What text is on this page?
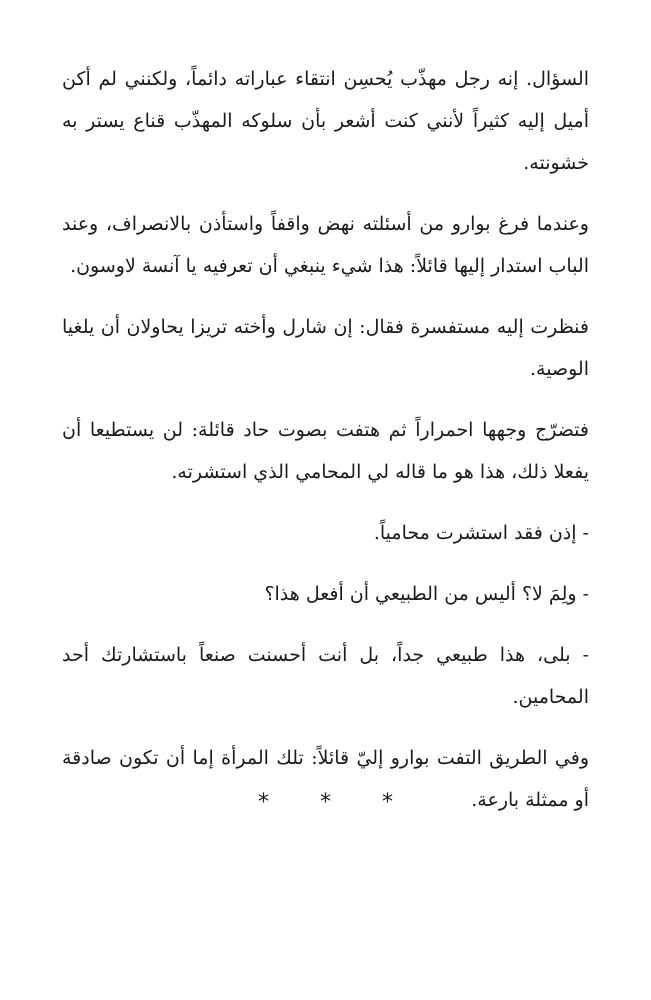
السؤال. إنه رجل مهذّب يُحسِن انتقاء عباراته دائماً، ولكنني لم أكن أميل إليه كثيراً لأنني كنت أشعر بأن سلوكه المهذّب قناع يستر به خشونته.

وعندما فرغ بوارو من أسئلته نهض واقفاً واستأذن بالانصراف، وعند الباب استدار إليها قائلاً: هذا شيء ينبغي أن تعرفيه يا آنسة لاوسون.

فنظرت إليه مستفسرة فقال: إن شارل وأخته تريزا يحاولان أن يلغيا الوصية.

فتضرّج وجهها احمراراً ثم هتفت بصوت حاد قائلة: لن يستطيعا أن يفعلا ذلك، هذا هو ما قاله لي المحامي الذي استشرته.

- إذن فقد استشرت محامياً.

- ولِمَ لا؟ أليس من الطبيعي أن أفعل هذا؟

- بلى، هذا طبيعي جداً، بل أنت أحسنت صنعاً باستشارتك أحد المحامين.

وفي الطريق التفت بوارو إليّ قائلاً: تلك المرأة إما أن تكون صادقة أو ممثلة بارعة.

* * *
